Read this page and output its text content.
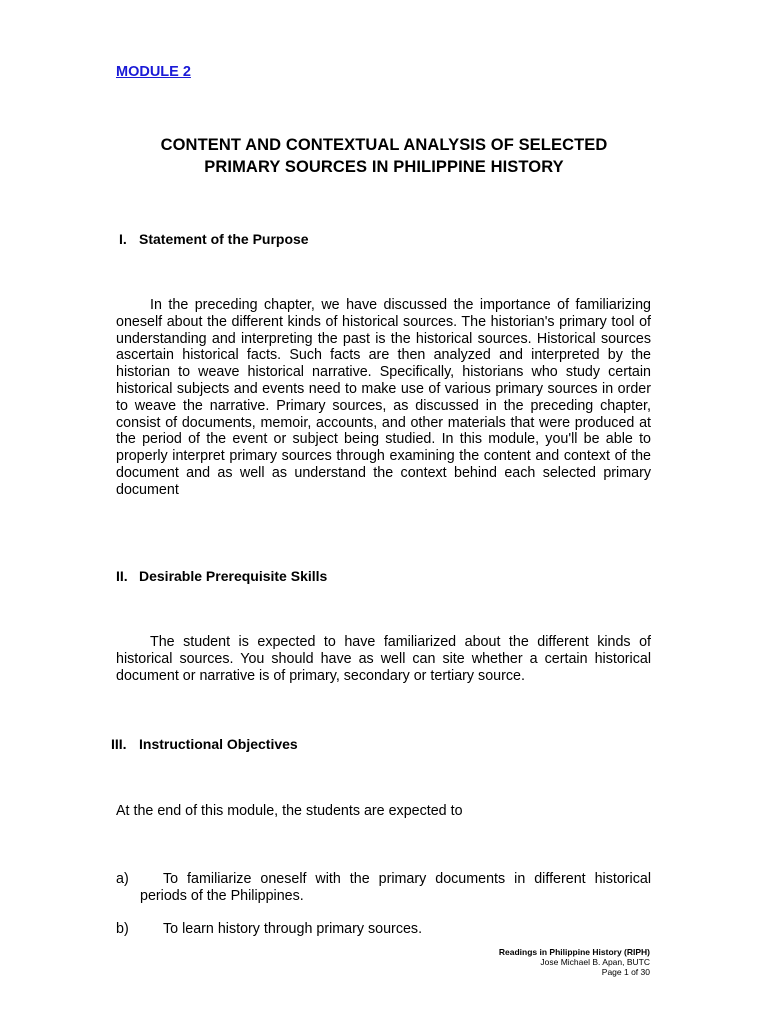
MODULE 2
CONTENT AND CONTEXTUAL ANALYSIS OF SELECTED
PRIMARY SOURCES IN PHILIPPINE HISTORY
I. Statement of the Purpose
In the preceding chapter, we have discussed the importance of familiarizing oneself about the different kinds of historical sources. The historian's primary tool of understanding and interpreting the past is the historical sources. Historical sources ascertain historical facts. Such facts are then analyzed and interpreted by the historian to weave historical narrative. Specifically, historians who study certain historical subjects and events need to make use of various primary sources in order to weave the narrative. Primary sources, as discussed in the preceding chapter, consist of documents, memoir, accounts, and other materials that were produced at the period of the event or subject being studied. In this module, you'll be able to properly interpret primary sources through examining the content and context of the document and as well as understand the context behind each selected primary document
II. Desirable Prerequisite Skills
The student is expected to have familiarized about the different kinds of historical sources. You should have as well can site whether a certain historical document or narrative is of primary, secondary or tertiary source.
III. Instructional Objectives
At the end of this module, the students are expected to
a)	To familiarize oneself with the primary documents in different historical periods of the Philippines.
b)	To learn history through primary sources.
Readings in Philippine History (RIPH)
Jose Michael B. Apan, BUTC
Page 1 of 30
